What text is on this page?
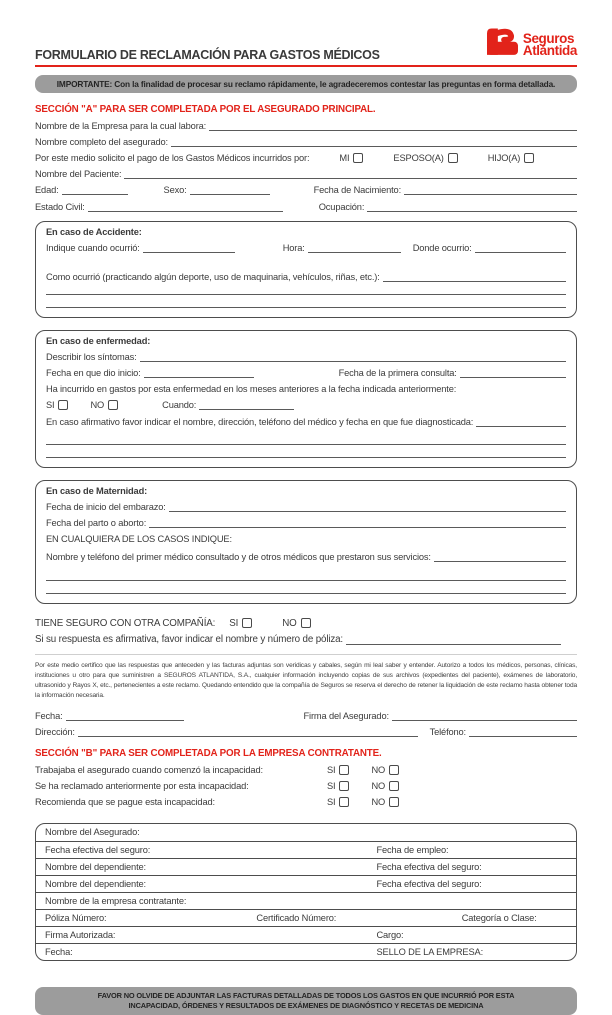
FORMULARIO DE RECLAMACIÓN PARA GASTOS MÉDICOS
Seguros
Atlántida
IMPORTANTE: Con la finalidad de procesar su reclamo rápidamente, le agradeceremos contestar las preguntas en forma detallada.
SECCIÓN "A" PARA SER COMPLETADA POR EL ASEGURADO PRINCIPAL.
Nombre de la Empresa para la cual labora:
Nombre completo del asegurado:
Por este medio solicito el pago de los Gastos Médicos incurridos por:	MI	ESPOSO(A)	HIJO(A)
Nombre del Paciente:
Edad:	Sexo:	Fecha de Nacimiento:
Estado Civil:	Ocupación:
En caso de Accidente:
Indique cuando ocurrió:	Hora:	Donde ocurrio:
Como ocurrió (practicando algún deporte, uso de maquinaria, vehículos, riñas, etc.):
En caso de enfermedad:
Describir los síntomas:
Fecha en que dio inicio:	Fecha de la primera consulta:
Ha incurrido en gastos por esta enfermedad en los meses anteriores a la fecha indicada anteriormente:
SI	NO	Cuando:
En caso afirmativo favor indicar el nombre, dirección, teléfono del médico y fecha en que fue diagnosticada:
En caso de Maternidad:
Fecha de inicio del embarazo:
Fecha del parto o aborto:
EN CUALQUIERA DE LOS CASOS INDIQUE:
Nombre y teléfono del primer médico consultado y de otros médicos que prestaron sus servicios:
TIENE SEGURO CON OTRA COMPAÑÍA: SI	NO
Si su respuesta es afirmativa, favor indicar el nombre y número de póliza:

Por este medio certifico que las respuestas que anteceden y las facturas adjuntas son veridicas y cabales, según mi leal saber y entender. Autorizo a todos los médicos, personas, clínicas, instituciones u otro para que suministren a SEGUROS ATLANTIDA, S.A., cualquier información incluyendo copias de sus archivos (expedientes del paciente), exámenes de laboratorio, ultrasonido y Rayos X, etc., pertenecientes a este reclamo. Quedando entendido que la compañía de Seguros se reserva el derecho de retener la liquidación de este reclamo hasta obtener toda la información necesaria.

Fecha:	Firma del Asegurado:
Dirección:	Teléfono:
SECCIÓN "B" PARA SER COMPLETADA POR LA EMPRESA CONTRATANTE.
Trabajaba el asegurado cuando comenzó la incapacidad:	SI	NO
Se ha reclamado anteriormente por esta incapacidad:	SI	NO
Recomienda que se pague esta incapacidad:	SI	NO
Nombre del Asegurado:
Fecha efectiva del seguro:	Fecha de empleo:
Nombre del dependiente:	Fecha efectiva del seguro:
Nombre del dependiente:	Fecha efectiva del seguro:
Nombre de la empresa contratante:
Póliza Número:	Certificado Número:	Categoría o Clase:
Firma Autorizada:	Cargo:
Fecha:	SELLO DE LA EMPRESA:
FAVOR NO OLVIDE DE ADJUNTAR LAS FACTURAS DETALLADAS DE TODOS LOS GASTOS EN QUE INCURRIÓ POR ESTA
INCAPACIDAD, ÓRDENES Y RESULTADOS DE EXÁMENES DE DIAGNÓSTICO Y RECETAS DE MEDICINA
